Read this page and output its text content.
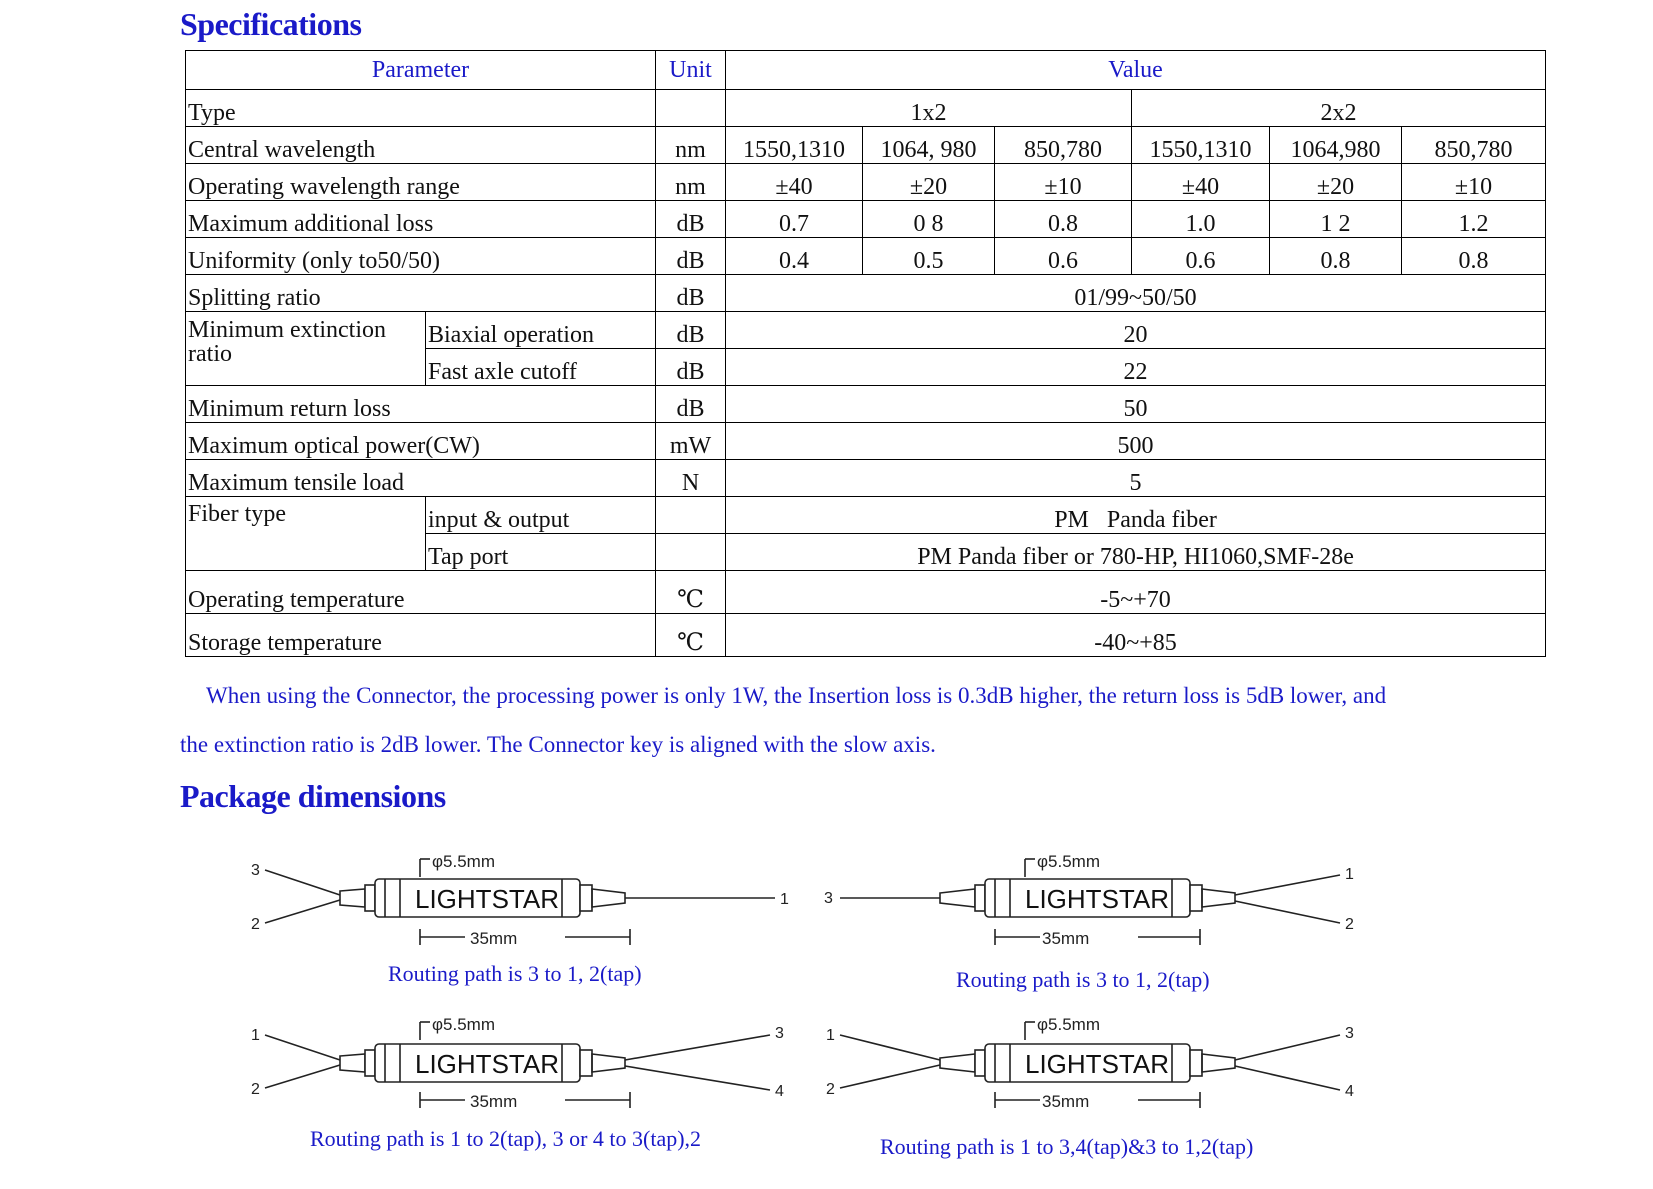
Specifications
Parameter		Unit	Value					
Type			1x2			2x2		
Central wavelength		nm	1550,1310	1064, 980	850,780	1550,1310	1064,980	850,780
Operating wavelength range		nm	±40	±20	±10	±40	±20	±10
Maximum additional loss		dB	0.7	0 8	0.8	1.0	1 2	1.2
Uniformity (only to50/50)		dB	0.4	0.5	0.6	0.6	0.8	0.8
Splitting ratio		dB	01/99~50/50					
Minimum extinction ratio	Biaxial operation	dB	20					
	Fast axle cutoff	dB	22					
Minimum return loss		dB	50					
Maximum optical power(CW)		mW	500					
Maximum tensile load		N	5					
Fiber type	input & output		PM   Panda fiber					
	Tap port		PM Panda fiber or 780-HP, HI1060,SMF-28e					
Operating temperature		℃	-5~+70					
Storage temperature		℃	-40~+85					

When using the Connector, the processing power is only 1W, the Insertion loss is 0.3dB higher, the return loss is 5dB lower, and

the extinction ratio is 2dB lower. The Connector key is aligned with the slow axis.

Package dimensions
LIGHTSTAR
φ5.5mm
35mm
3
2
1
Routing path is 3 to 1, 2(tap)
LIGHTSTAR
φ5.5mm
35mm
3
1
2
Routing path is 3 to 1, 2(tap)
LIGHTSTAR
φ5.5mm
35mm
1
2
3
4
Routing path is 1 to 2(tap), 3 or 4 to 3(tap),2
LIGHTSTAR
φ5.5mm
35mm
1
2
3
4
Routing path is 1 to 3,4(tap)&3 to 1,2(tap)
